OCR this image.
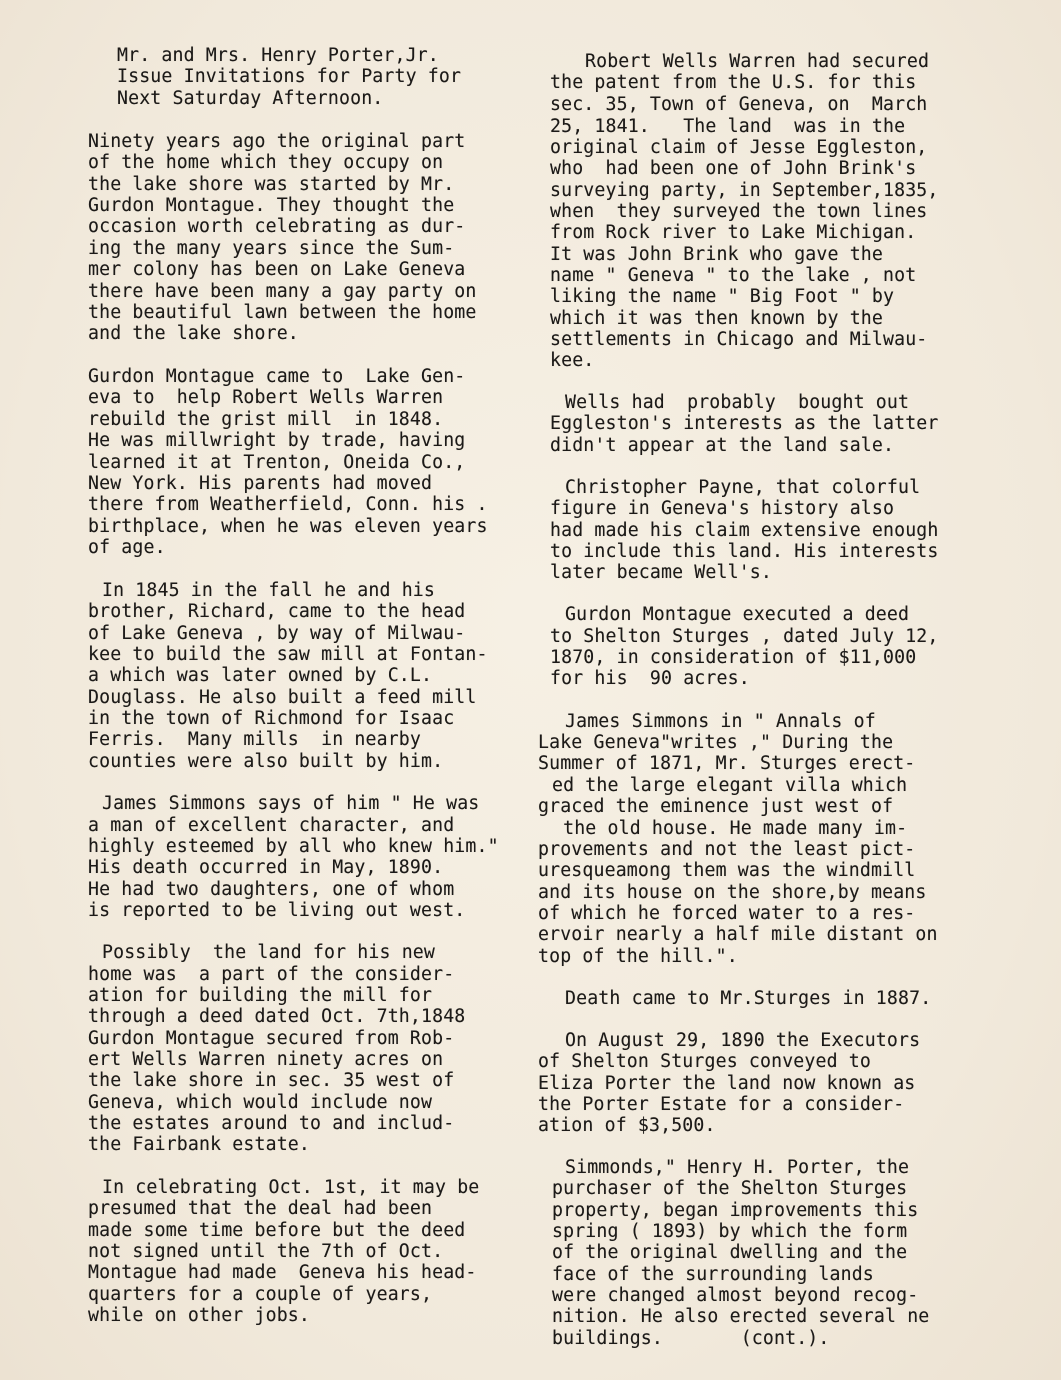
Mr. and Mrs. Henry Porter,Jr.
Issue Invitations for Party for
Next Saturday Afternoon.
Ninety years ago the original part
of the home which they occupy on
the lake shore was started by Mr.
Gurdon Montague. They thought the
occasion worth celebrating as dur-
ing the many years since the Sum-
mer colony has been on Lake Geneva
there have been many a gay party on
the beautiful lawn between the home
and the lake shore.
Gurdon Montague came to  Lake Gen-
eva to  help Robert Wells Warren
rebuild the grist mill  in 1848.
He was millwright by trade, having
learned it at Trenton, Oneida Co.,
New York. His parents had moved
there from Weatherfield, Conn. his .
birthplace, when he was eleven years
of age.
In 1845 in the fall he and his
brother, Richard, came to the head
of Lake Geneva , by way of Milwau-
kee to build the saw mill at Fontan-
a which was later owned by C.L.
Douglass. He also built a feed mill
in the town of Richmond for Isaac
Ferris.  Many mills  in nearby
counties were also built by him.
James Simmons says of him " He was
a man of excellent character, and
highly esteemed by all who knew him."
His death occurred in May, 1890.
He had two daughters, one of whom
is reported to be living out west.
Possibly  the land for his new
home was  a part of the consider-
ation for building the mill for
through a deed dated Oct. 7th,1848
Gurdon Montague secured from Rob-
ert Wells Warren ninety acres on
the lake shore in sec. 35 west of
Geneva, which would include now
the estates around to and includ-
the Fairbank estate.
In celebrating Oct. 1st, it may be
presumed that the deal had been
made some time before but the deed
not signed until the 7th of Oct.
Montague had made  Geneva his head-
quarters for a couple of years,
while on other jobs.
Robert Wells Warren had secured
the patent from the U.S. for this
sec. 35, Town of Geneva, on  March
25, 1841.   The land  was in the
original claim of Jesse Eggleston,
who  had been one of John Brink's
surveying party, in September,1835,
when  they surveyed the town lines
from Rock river to Lake Michigan.
It was John Brink who gave the
name " Geneva " to the lake , not
liking the name " Big Foot " by
which it was then known by the
settlements in Chicago and Milwau-
kee.
Wells had  probably  bought out
Eggleston's interests as the latter
didn't appear at the land sale.
Christopher Payne, that colorful
figure in Geneva's history also
had made his claim extensive enough
to include this land. His interests
later became Well's.
Gurdon Montague executed a deed
to Shelton Sturges , dated July 12,
1870, in consideration of $11,000
for his  90 acres.
James Simmons in " Annals of
Lake Geneva"writes ," During the
Summer of 1871, Mr. Sturges erect-
ed the large elegant villa which
graced the eminence just west of
the old house. He made many im-
provements and not the least pict-
uresqueamong them was the windmill
and its house on the shore,by means
of which he forced water to a res-
ervoir nearly a half mile distant on
top of the hill.".
Death came to Mr.Sturges in 1887.
On August 29, 1890 the Executors
of Shelton Sturges conveyed to
Eliza Porter the land now known as
the Porter Estate for a consider-
ation of $3,500.
Simmonds," Henry H. Porter, the
purchaser of the Shelton Sturges
property, began improvements this
spring ( 1893) by which the form
of the original dwelling and the
face of the surrounding lands
were changed almost beyond recog-
nition. He also erected several ne
buildings.       (cont.).
